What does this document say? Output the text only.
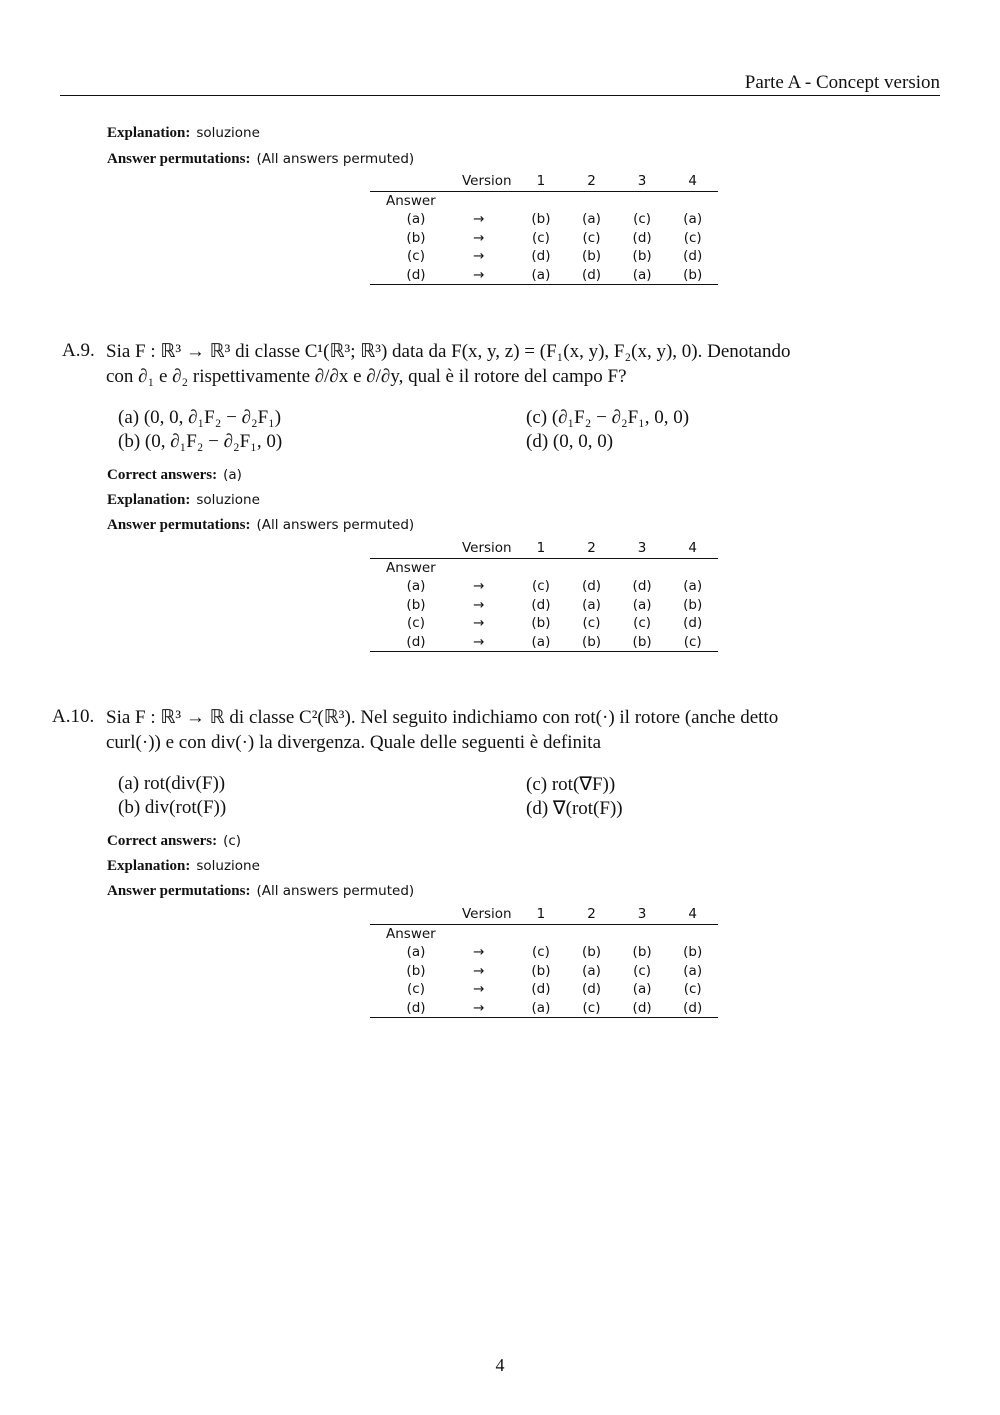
Parte A - Concept version
Explanation: soluzione
Answer permutations: (All answers permuted)
	Version	1	2	3	4
Answer					
(a)	→	(b)	(a)	(c)	(a)
(b)	→	(c)	(c)	(d)	(c)
(c)	→	(d)	(b)	(b)	(d)
(d)	→	(a)	(d)	(a)	(b)
A.9. Sia F : ℝ³ → ℝ³ di classe C¹(ℝ³; ℝ³) data da F(x, y, z) = (F₁(x, y), F₂(x, y), 0). Denotando
con ∂₁ e ∂₂ rispettivamente ∂/∂x e ∂/∂y, qual è il rotore del campo F?
(a) (0, 0, ∂₁F₂ − ∂₂F₁)
(b) (0, ∂₁F₂ − ∂₂F₁, 0)
(c) (∂₁F₂ − ∂₂F₁, 0, 0)
(d) (0, 0, 0)
Correct answers: (a)
Explanation: soluzione
Answer permutations: (All answers permuted)
	Version	1	2	3	4
Answer					
(a)	→	(c)	(d)	(d)	(a)
(b)	→	(d)	(a)	(a)	(b)
(c)	→	(b)	(c)	(c)	(d)
(d)	→	(a)	(b)	(b)	(c)
A.10. Sia F : ℝ³ → ℝ di classe C²(ℝ³). Nel seguito indichiamo con rot(·) il rotore (anche detto
curl(·)) e con div(·) la divergenza. Quale delle seguenti è definita
(a) rot(div(F))
(b) div(rot(F))
(c) rot(∇F))
(d) ∇(rot(F))
Correct answers: (c)
Explanation: soluzione
Answer permutations: (All answers permuted)
	Version	1	2	3	4
Answer					
(a)	→	(c)	(b)	(b)	(b)
(b)	→	(b)	(a)	(c)	(a)
(c)	→	(d)	(d)	(a)	(c)
(d)	→	(a)	(c)	(d)	(d)
4
